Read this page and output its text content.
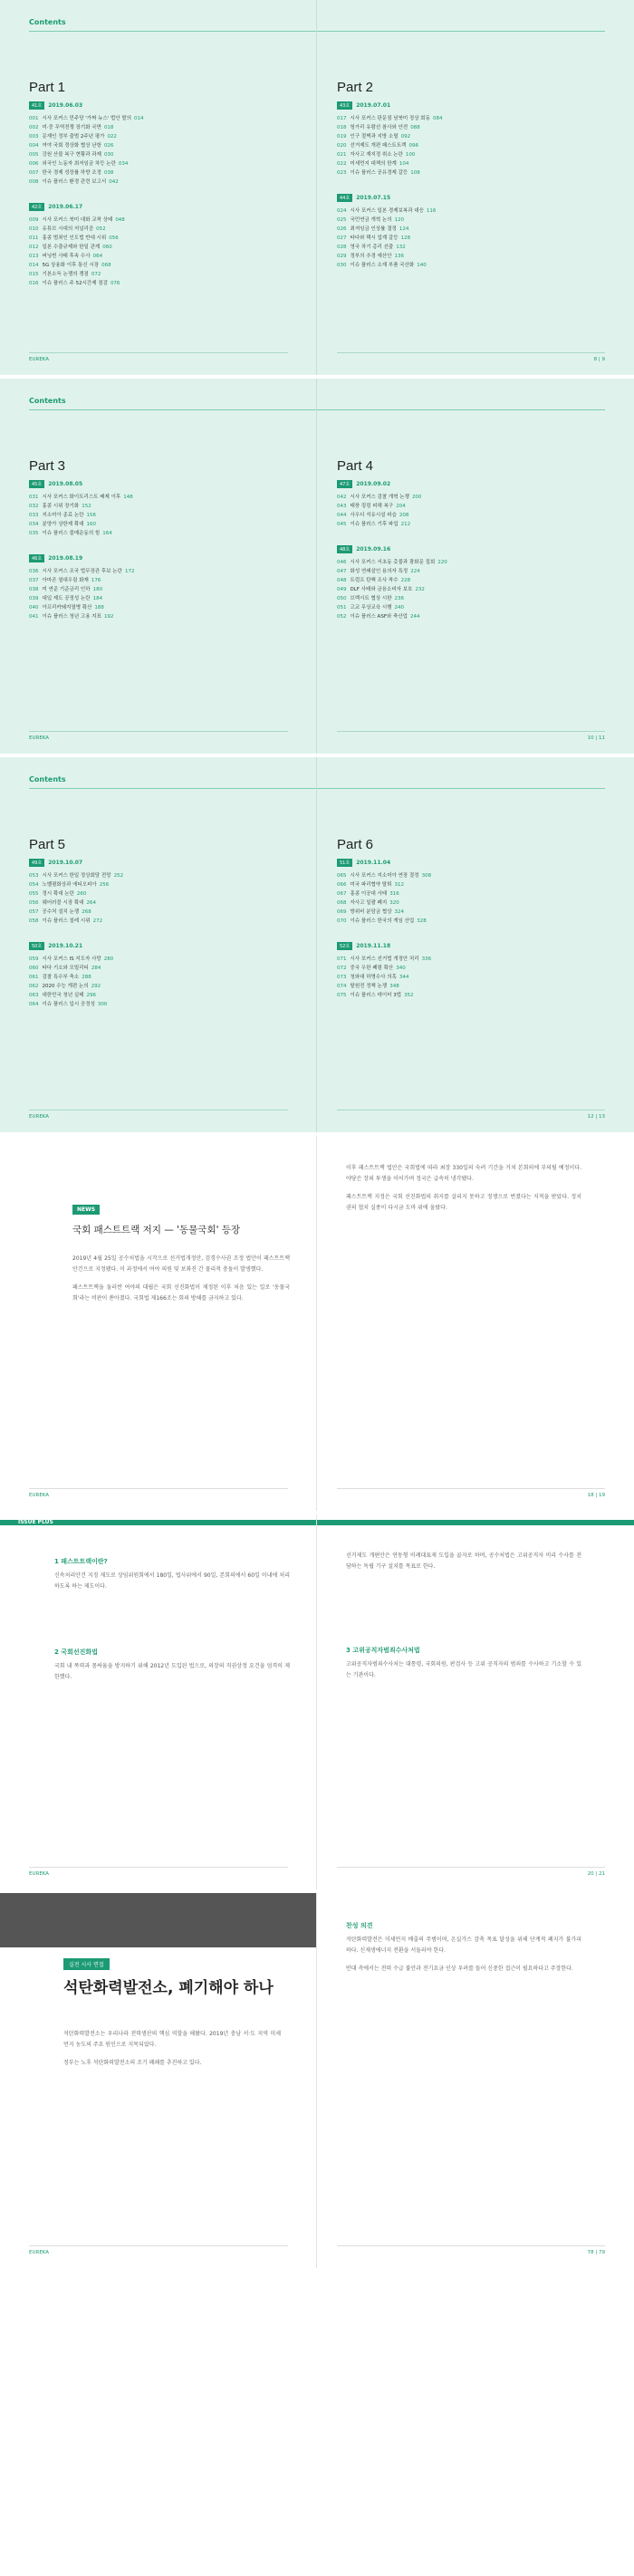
Contents
Part 1
41호	2019.06.03
001 시사 포커스 민주당 '가짜 뉴스' 법안 발의 014
002 미·중 무역전쟁 장기화 국면 018
003 문재인 정부 출범 2주년 평가 022
004 여야 국회 정상화 협상 난항 026
005 강원 산불 복구 현황과 과제 030
006 외국인 노동자 최저임금 차등 논란 034
007 한국 경제 성장률 하향 조정 038
008 이슈 플러스 환경 관련 보고서 042
42호	2019.06.17
009 시사 포커스 북미 대화 교착 상태 048
010 유튜브 시대의 저널리즘 052
011 홍콩 범죄인 인도법 반대 시위 056
012 일본 수출규제와 한일 관계 060
013 버닝썬 사태 후속 수사 064
014 5G 상용화 이후 통신 시장 068
015 기본소득 논쟁의 쟁점 072
016 이슈 플러스 주 52시간제 점검 076
EUREKA
Part 2
43호	2019.07.01
017 시사 포커스 판문점 남북미 정상 회동 084
018 헝가리 유람선 참사와 안전 088
019 인구 절벽과 지방 소멸 092
020 선거제도 개편 패스트트랙 096
021 자사고 재지정 취소 논란 100
022 미세먼지 대책의 한계 104
023 이슈 플러스 공유경제 갈등 108
44호	2019.07.15
024 시사 포커스 일본 경제보복과 대응 116
025 국민연금 개혁 논의 120
026 최저임금 인상률 결정 124
027 타다와 택시 업계 갈등 128
028 영국 차기 총리 선출 132
029 정부의 추경 예산안 136
030 이슈 플러스 소재 부품 국산화 140
8 | 9
Contents
Part 3
45호	2019.08.05
031 시사 포커스 화이트리스트 배제 이후 148
032 홍콩 시위 장기화 152
033 지소미아 종료 논란 156
034 분양가 상한제 확대 160
035 이슈 플러스 불매운동의 힘 164
46호	2019.08.19
036 시사 포커스 조국 법무장관 후보 논란 172
037 아마존 열대우림 화재 176
038 미 연준 기준금리 인하 180
039 대입 제도 공정성 논란 184
040 아프리카돼지열병 확산 188
041 이슈 플러스 청년 고용 지표 192
EUREKA
Part 4
47호	2019.09.02
042 시사 포커스 검찰 개혁 논쟁 200
043 태풍 링링 피해 복구 204
044 사우디 석유시설 피습 208
045 이슈 플러스 기후 파업 212
48호	2019.09.16
046 시사 포커스 서초동 촛불과 광화문 집회 220
047 화성 연쇄살인 용의자 특정 224
048 트럼프 탄핵 조사 착수 228
049 DLF 사태와 금융소비자 보호 232
050 브렉시트 협상 시한 236
051 고교 무상교육 시행 240
052 이슈 플러스 ASF와 축산업 244
10 | 11
Contents
Part 5
49호	2019.10.07
053 시사 포커스 한일 정상회담 전망 252
054 노벨평화상과 에티오피아 256
055 정시 확대 논란 260
056 웨어러블 시장 확대 264
057 공수처 설치 논쟁 268
058 이슈 플러스 칠레 시위 272
50호	2019.10.21
059 시사 포커스 IS 지도자 사망 280
060 타다 기소와 모빌리티 284
061 검찰 특수부 축소 288
062 2020 수능 개편 논의 292
063 대한민국 청년 실태 296
064 이슈 플러스 입시 공정성 300
EUREKA
Part 6
51호	2019.11.04
065 시사 포커스 지소미아 연장 결정 308
066 미국 파리협약 탈퇴 312
067 홍콩 이공대 사태 316
068 자사고 일괄 폐지 320
069 방위비 분담금 협상 324
070 이슈 플러스 한국의 게임 산업 328
52호	2019.11.18
071 시사 포커스 선거법 개정안 처리 336
072 중국 우한 폐렴 확산 340
073 청와대 하명수사 의혹 344
074 탈원전 정책 논쟁 348
075 이슈 플러스 데이터 3법 352
12 | 13
NEWS
국회 패스트트랙 저지 — '동물국회' 등장

2019년 4월 25일 공수처법을 시작으로 선거법개정안, 검경수사권 조정 법안이 패스트트랙 안건으로 지정됐다. 이 과정에서 여야 의원 및 보좌진 간 물리적 충돌이 발생했다.

패스트트랙을 둘러싼 여야의 대립은 국회 선진화법이 제정된 이후 처음 있는 일로 '동물국회'라는 비판이 쏟아졌다. 국회법 제166조는 회의 방해를 금지하고 있다.

EUREKA

이후 패스트트랙 법안은 국회법에 따라 최장 330일의 숙려 기간을 거쳐 본회의에 부의될 예정이다. 야당은 장외 투쟁을 이어가며 정국은 급속히 냉각됐다.

패스트트랙 지정은 국회 선진화법의 취지를 살리지 못하고 정쟁으로 번졌다는 지적을 받았다. 정치권의 협치 실종이 다시금 도마 위에 올랐다.

18 | 19
1 패스트트랙이란?

신속처리안건 지정 제도로 상임위원회에서 180일, 법사위에서 90일, 본회의에서 60일 이내에 처리하도록 하는 제도이다.

2 국회선진화법

국회 내 폭력과 몸싸움을 방지하기 위해 2012년 도입된 법으로, 의장의 직권상정 요건을 엄격히 제한했다.

EUREKA

선거제도 개편안은 연동형 비례대표제 도입을 골자로 하며, 공수처법은 고위공직자 비리 수사를 전담하는 독립 기구 설치를 목표로 한다.

3 고위공직자범죄수사처법

고위공직자범죄수사처는 대통령, 국회의원, 판검사 등 고위 공직자의 범죄를 수사하고 기소할 수 있는 기관이다.

20 | 21
ISSUE PLUS
실전 시사 면접
석탄화력발전소, 폐기해야 하나

석탄화력발전소는 우리나라 전력생산의 핵심 역할을 해왔다. 2019년 충남 서·도 지역 미세먼지 농도의 주요 원인으로 지목되었다.

정부는 노후 석탄화력발전소의 조기 폐쇄를 추진하고 있다.

EUREKA
찬성 의견

석탄화력발전은 미세먼지 배출의 주범이며, 온실가스 감축 목표 달성을 위해 단계적 폐지가 불가피하다. 신재생에너지 전환을 서둘러야 한다.

반대 측에서는 전력 수급 불안과 전기요금 인상 우려를 들어 신중한 접근이 필요하다고 주장한다.

78 | 79
